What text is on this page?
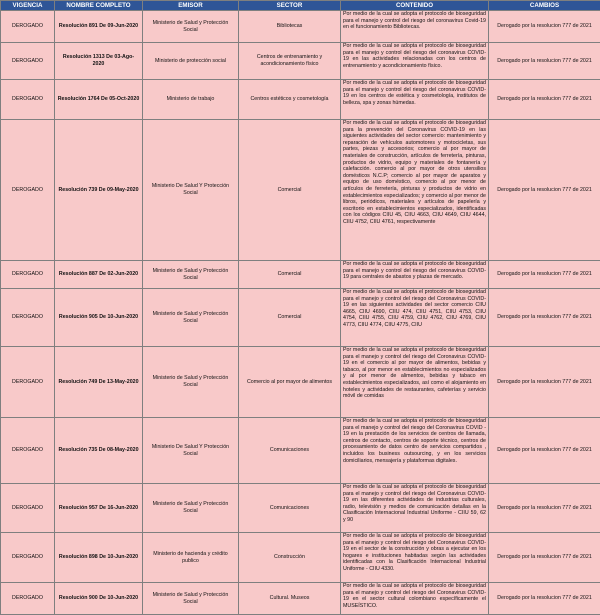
VIGENCIA	NOMBRE COMPLETO	EMISOR	SECTOR	CONTENIDO	CAMBIOS
DEROGADO	Resolución 891 De 09-Jun-2020	Ministerio de Salud y Protección Social	Bibliotecas	Por medio de la cual se adopta el protocolo de bioseguridad para el manejo y control del riesgo del coronavirus Covid-19 en el funcionamiento Bibliotecas.	Derogado por la resolucion 777 de 2021
DEROGADO	Resolución 1313 De 03-Ago-2020	Ministerio de protección social	Centros de entrenamiento y acondicionamiento físico	Por medio de la cual se adopta el protocolo de bioseguridad para el manejo y control del riesgo del coronavirus COVID-19 en las actividades relacionadas con los centros de entrenamiento y acondicionamiento físico.	Derogado por la resolucion 777 de 2021
DEROGADO	Resolución 1764 De 05-Oct-2020	Ministerio de trabajo	Centros estéticos y cosmetología	Por medio de la cual se adopta el protocolo de bioseguridad para el manejo y control del riesgo del coronavirus COVID-19 en los centros de estética y cosmetología, institutos de belleza, spa y zonas húmedas.	Derogado por la resolucion 777 de 2021
DEROGADO	Resolución 739 De 09-May-2020	Ministerio De Salud Y Protección Social	Comercial	Por medio de la cual se adopta el protocolo de bioseguridad para la prevención del Coronavirus COVID-19 en las siguientes actividades del sector comercio: mantenimiento y reparación de vehículos automotores y motocicletas, sus partes, piezas y accesorios; comercio al por mayor de materiales de construcción, artículos de ferretería, pinturas, productos de vidrio, equipo y materiales de fontanería y calefacción. comercio al por mayor de otros utensilios domésticos N.C.P; comercio al por mayor de aparatos y equipo de uso doméstico, comercio al por menor de artículos de ferretería, pinturas y productos de vidrio en establecimientos especializados; y comercio al por menor de libros, periódicos, materiales y artículos de papelería y escritorio en establecimientos especializados, identificadas con los códigos CIIU 45, CIIU 4663, CIIU 4649, CIIU 4644, CIIU 4752, CIIU 4761, respectivamente	Derogado por la resolucion 777 de 2021
DEROGADO	Resolución 887 De 02-Jun-2020	Ministerio de Salud y Protección Social	Comercial	Por medio de la cual se adopta el protocolo de bioseguridad para el manejo y control del riesgo del coronavirus COVID-19 para centrales de abastos y plazas de mercado.	Derogado por la resolucion 777 de 2021
DEROGADO	Resolución 905 De 10-Jun-2020	Ministerio de Salud y Protección Social	Comercial	Por medio de la cual se adopta el protocolo de bioseguridad para el manejo y control del riesgo del Coronavirus COVID-19 en las siguientes actividades del sector comercio CIIU 4665, CIIU 4690, CIIU 474, CIIU 4751, CIIU 4753, CIIU 4754, CIIU 4755, CIIU 4759, CIIU 4762, CIIU 4769, CIIU 4773, CIIU 4774, CIIU 4775, CIIU	Derogado por la resolucion 777 de 2021
DEROGADO	Resolución 749 De 13-May-2020	Ministerio de Salud y Protección Social	Comercio al por mayor de alimentos	Por medio de la cual se adopta el protocolo de bioseguridad para el manejo y control del riesgo del Coronavirus COVID-19 en el comercio al por mayor de alimentos, bebidas y tabaco, al por menor en establecimientos no especializados y al por menor de alimentos, bebidas y tabaco en establecimientos especializados, así como el alojamiento en hoteles y actividades de restaurantes, cafeterías y servicio móvil de comidas	Derogado por la resolucion 777 de 2021
DEROGADO	Resolución 735 De 08-May-2020	Ministerio De Salud Y Protección Social	Comunicaciones	Por medio de la cual se adopta el protocolo de bioseguridad para el manejo y control del riesgo del Coronavirus COVID - 19 en la prestación de los servicios de centros de llamada, centros de contacto, centros de soporte técnico, centros de procesamiento de datos centro de servicios compartidos , incluidos los business outsourcing, y en los servicios domiciliarios, mensajería y plataformas digitales.	Derogado por la resolucion 777 de 2021
DEROGADO	Resolución 957 De 16-Jun-2020	Ministerio de Salud y Protección Social	Comunicaciones	Por medio de la cual se adopta el protocolo de bioseguridad para el manejo y control del riesgo del Coronavirus COVID-19 en las diferentes actividades de industrias culturales, radio, televisión y medios de comunicación detallas en la Clasificación Internacional Industrial Uniforme - CIIU 59, 62 y 90	Derogado por la resolucion 777 de 2021
DEROGADO	Resolución 898 De 10-Jun-2020	Ministerio de hacienda y crédito publico	Construcción	Por medio de la cual se adopta el protocolo de bioseguridad para el manejo y control del riesgo del Coronavirus COVID-19 en el sector de la construcción y obras a ejecutar en los hogares e instituciones habitadas según las actividades identificadas con la Clasificación Internacional Industrial Uniforme - CIIU 4330.	Derogado por la resolucion 777 de 2021
DEROGADO	Resolución 900 De 10-Jun-2020	Ministerio de Salud y Protección Social	Cultural. Museos	Por medio de la cual se adopta el protocolo de bioseguridad para el manejo y control del riesgo del Coronavirus COVID-19 en el sector cultural colombiano específicamente el MUSEÍSTICO.	Derogado por la resolucion 777 de 2021
